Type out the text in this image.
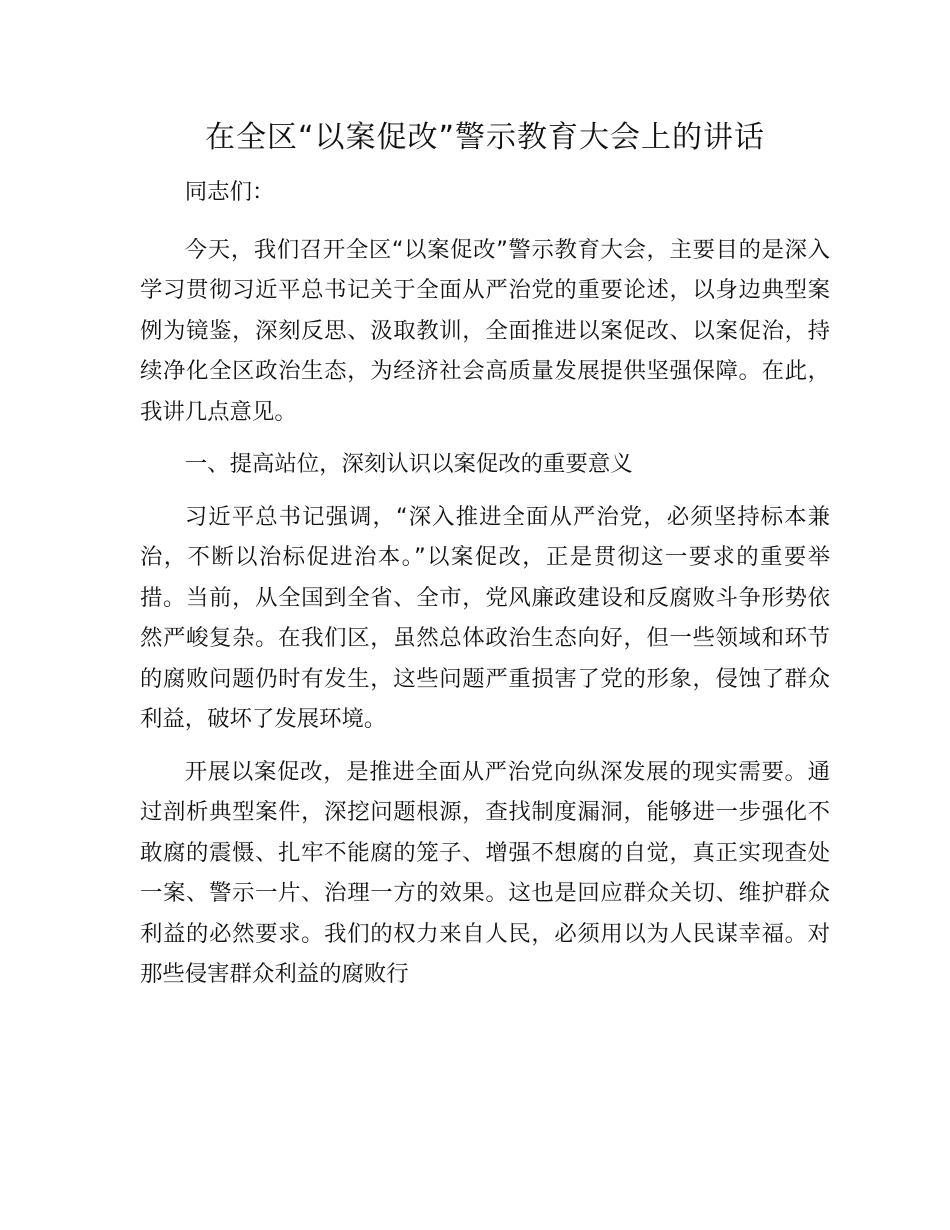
在全区“以案促改”警示教育大会上的讲话

同志们：

今天，我们召开全区“以案促改”警示教育大会，主要目的是深入学习贯彻习近平总书记关于全面从严治党的重要论述，以身边典型案例为镜鉴，深刻反思、汲取教训，全面推进以案促改、以案促治，持续净化全区政治生态，为经济社会高质量发展提供坚强保障。在此，我讲几点意见。

一、提高站位，深刻认识以案促改的重要意义

习近平总书记强调，“深入推进全面从严治党，必须坚持标本兼治，不断以治标促进治本。”以案促改，正是贯彻这一要求的重要举措。当前，从全国到全省、全市，党风廉政建设和反腐败斗争形势依然严峻复杂。在我们区，虽然总体政治生态向好，但一些领域和环节的腐败问题仍时有发生，这些问题严重损害了党的形象，侵蚀了群众利益，破坏了发展环境。

开展以案促改，是推进全面从严治党向纵深发展的现实需要。通过剖析典型案件，深挖问题根源，查找制度漏洞，能够进一步强化不敢腐的震慑、扎牢不能腐的笼子、增强不想腐的自觉，真正实现查处一案、警示一片、治理一方的效果。这也是回应群众关切、维护群众利益的必然要求。我们的权力来自人民，必须用以为人民谋幸福。对那些侵害群众利益的腐败行
